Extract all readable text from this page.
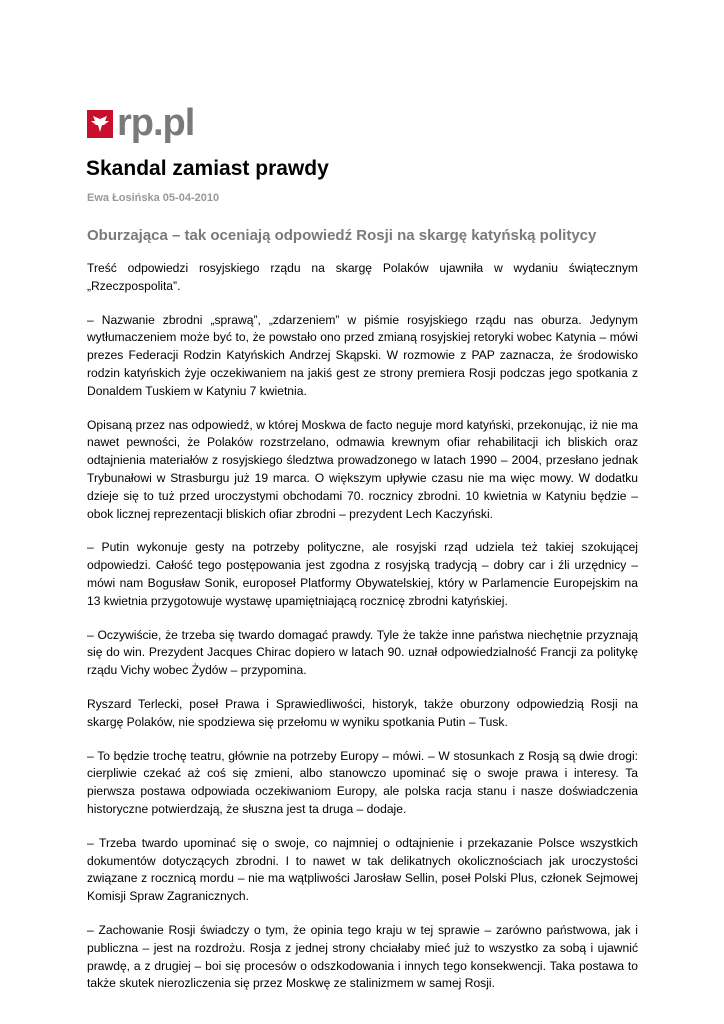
rp.pl
Skandal zamiast prawdy
Ewa Łosińska 05-04-2010
Oburzająca – tak oceniają odpowiedź Rosji na skargę katyńską politycy

Treść odpowiedzi rosyjskiego rządu na skargę Polaków ujawniła w wydaniu świątecznym „Rzeczpospolita”.

– Nazwanie zbrodni „sprawą”, „zdarzeniem” w piśmie rosyjskiego rządu nas oburza. Jedynym wytłumaczeniem może być to, że powstało ono przed zmianą rosyjskiej retoryki wobec Katynia – mówi prezes Federacji Rodzin Katyńskich Andrzej Skąpski. W rozmowie z PAP zaznacza, że środowisko rodzin katyńskich żyje oczekiwaniem na jakiś gest ze strony premiera Rosji podczas jego spotkania z Donaldem Tuskiem w Katyniu 7 kwietnia.

Opisaną przez nas odpowiedź, w której Moskwa de facto neguje mord katyński, przekonując, iż nie ma nawet pewności, że Polaków rozstrzelano, odmawia krewnym ofiar rehabilitacji ich bliskich oraz odtajnienia materiałów z rosyjskiego śledztwa prowadzonego w latach 1990 – 2004, przesłano jednak Trybunałowi w Strasburgu już 19 marca. O większym upływie czasu nie ma więc mowy. W dodatku dzieje się to tuż przed uroczystymi obchodami 70. rocznicy zbrodni. 10 kwietnia w Katyniu będzie – obok licznej reprezentacji bliskich ofiar zbrodni – prezydent Lech Kaczyński.

– Putin wykonuje gesty na potrzeby polityczne, ale rosyjski rząd udziela też takiej szokującej odpowiedzi. Całość tego postępowania jest zgodna z rosyjską tradycją – dobry car i źli urzędnicy – mówi nam Bogusław Sonik, europoseł Platformy Obywatelskiej, który w Parlamencie Europejskim na 13 kwietnia przygotowuje wystawę upamiętniającą rocznicę zbrodni katyńskiej.

– Oczywiście, że trzeba się twardo domagać prawdy. Tyle że także inne państwa niechętnie przyznają się do win. Prezydent Jacques Chirac dopiero w latach 90. uznał odpowiedzialność Francji za politykę rządu Vichy wobec Żydów – przypomina.

Ryszard Terlecki, poseł Prawa i Sprawiedliwości, historyk, także oburzony odpowiedzią Rosji na skargę Polaków, nie spodziewa się przełomu w wyniku spotkania Putin – Tusk.

– To będzie trochę teatru, głównie na potrzeby Europy – mówi. – W stosunkach z Rosją są dwie drogi: cierpliwie czekać aż coś się zmieni, albo stanowczo upominać się o swoje prawa i interesy. Ta pierwsza postawa odpowiada oczekiwaniom Europy, ale polska racja stanu i nasze doświadczenia historyczne potwierdzają, że słuszna jest ta druga – dodaje.

– Trzeba twardo upominać się o swoje, co najmniej o odtajnienie i przekazanie Polsce wszystkich dokumentów dotyczących zbrodni. I to nawet w tak delikatnych okolicznościach jak uroczystości związane z rocznicą mordu – nie ma wątpliwości Jarosław Sellin, poseł Polski Plus, członek Sejmowej Komisji Spraw Zagranicznych.

– Zachowanie Rosji świadczy o tym, że opinia tego kraju w tej sprawie – zarówno państwowa, jak i publiczna – jest na rozdrożu. Rosja z jednej strony chciałaby mieć już to wszystko za sobą i ujawnić prawdę, a z drugiej – boi się procesów o odszkodowania i innych tego konsekwencji. Taka postawa to także skutek nierozliczenia się przez Moskwę ze stalinizmem w samej Rosji.
